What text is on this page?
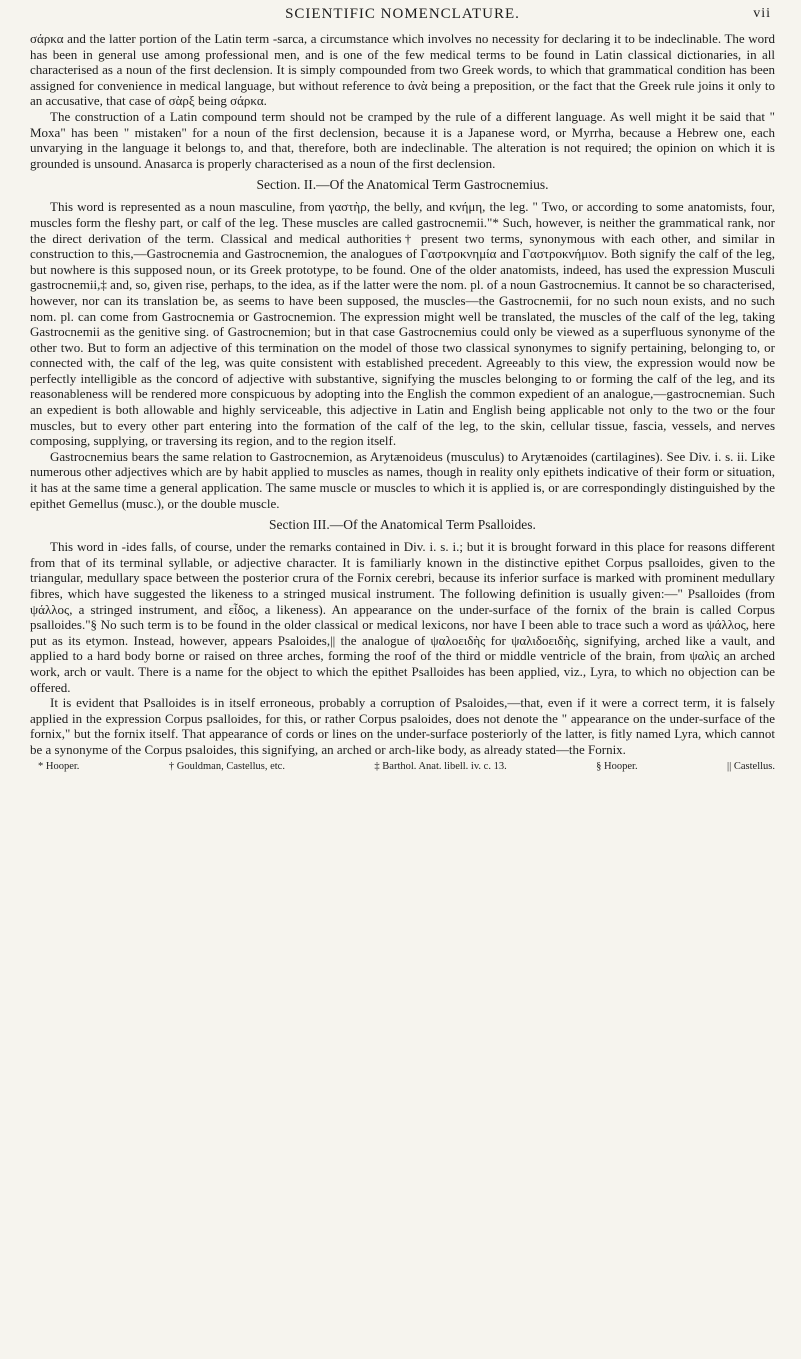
SCIENTIFIC NOMENCLATURE.	vii

σάρκα and the latter portion of the Latin term -sarca, a circumstance which involves no necessity for declaring it to be indeclinable. The word has been in general use among professional men, and is one of the few medical terms to be found in Latin classical dictionaries, in all characterised as a noun of the first declension. It is simply compounded from two Greek words, to which that grammatical condition has been assigned for convenience in medical language, but without reference to ἀνὰ being a preposition, or the fact that the Greek rule joins it only to an accusative, that case of σὰρξ being σάρκα.

The construction of a Latin compound term should not be cramped by the rule of a different language. As well might it be said that " Moxa" has been " mistaken" for a noun of the first declension, because it is a Japanese word, or Myrrha, because a Hebrew one, each unvarying in the language it belongs to, and that, therefore, both are indeclinable. The alteration is not required; the opinion on which it is grounded is unsound. Anasarca is properly characterised as a noun of the first declension.

Section. II.—Of the Anatomical Term Gastrocnemius.

This word is represented as a noun masculine, from γαστὴρ, the belly, and κνήμη, the leg. " Two, or according to some anatomists, four, muscles form the fleshy part, or calf of the leg. These muscles are called gastrocnemii."* Such, however, is neither the grammatical rank, nor the direct derivation of the term. Classical and medical authorities† present two terms, synonymous with each other, and similar in construction to this,—Gastrocnemia and Gastrocnemion, the analogues of Γαστροκνημία and Γαστροκνήμιον. Both signify the calf of the leg, but nowhere is this supposed noun, or its Greek prototype, to be found. One of the older anatomists, indeed, has used the expression Musculi gastrocnemii,‡ and, so, given rise, perhaps, to the idea, as if the latter were the nom. pl. of a noun Gastrocnemius. It cannot be so characterised, however, nor can its translation be, as seems to have been supposed, the muscles—the Gastrocnemii, for no such noun exists, and no such nom. pl. can come from Gastrocnemia or Gastrocnemion. The expression might well be translated, the muscles of the calf of the leg, taking Gastrocnemii as the genitive sing. of Gastrocnemion; but in that case Gastrocnemius could only be viewed as a superfluous synonyme of the other two. But to form an adjective of this termination on the model of those two classical synonymes to signify pertaining, belonging to, or connected with, the calf of the leg, was quite consistent with established precedent. Agreeably to this view, the expression would now be perfectly intelligible as the concord of adjective with substantive, signifying the muscles belonging to or forming the calf of the leg, and its reasonableness will be rendered more conspicuous by adopting into the English the common expedient of an analogue,—gastrocnemian. Such an expedient is both allowable and highly serviceable, this adjective in Latin and English being applicable not only to the two or the four muscles, but to every other part entering into the formation of the calf of the leg, to the skin, cellular tissue, fascia, vessels, and nerves composing, supplying, or traversing its region, and to the region itself.

Gastrocnemius bears the same relation to Gastrocnemion, as Arytænoideus (musculus) to Arytænoides (cartilagines). See Div. i. s. ii. Like numerous other adjectives which are by habit applied to muscles as names, though in reality only epithets indicative of their form or situation, it has at the same time a general application. The same muscle or muscles to which it is applied is, or are correspondingly distinguished by the epithet Gemellus (musc.), or the double muscle.

Section III.—Of the Anatomical Term Psalloides.

This word in -ides falls, of course, under the remarks contained in Div. i. s. i.; but it is brought forward in this place for reasons different from that of its terminal syllable, or adjective character. It is familiarly known in the distinctive epithet Corpus psalloides, given to the triangular, medullary space between the posterior crura of the Fornix cerebri, because its inferior surface is marked with prominent medullary fibres, which have suggested the likeness to a stringed musical instrument. The following definition is usually given:—" Psalloides (from ψάλλος, a stringed instrument, and εἶδος, a likeness). An appearance on the under-surface of the fornix of the brain is called Corpus psalloides."§ No such term is to be found in the older classical or medical lexicons, nor have I been able to trace such a word as ψάλλος, here put as its etymon. Instead, however, appears Psaloides,|| the analogue of ψαλοειδὴς for ψαλιδοειδὴς, signifying, arched like a vault, and applied to a hard body borne or raised on three arches, forming the roof of the third or middle ventricle of the brain, from ψαλὶς an arched work, arch or vault. There is a name for the object to which the epithet Psalloides has been applied, viz., Lyra, to which no objection can be offered.

It is evident that Psalloides is in itself erroneous, probably a corruption of Psaloides,—that, even if it were a correct term, it is falsely applied in the expression Corpus psalloides, for this, or rather Corpus psaloides, does not denote the " appearance on the under-surface of the fornix," but the fornix itself. That appearance of cords or lines on the under-surface posteriorly of the latter, is fitly named Lyra, which cannot be a synonyme of the Corpus psaloides, this signifying, an arched or arch-like body, as already stated—the Fornix.

* Hooper.	† Gouldman, Castellus, etc.	‡ Barthol. Anat. libell. iv. c. 13.	§ Hooper.	|| Castellus.
